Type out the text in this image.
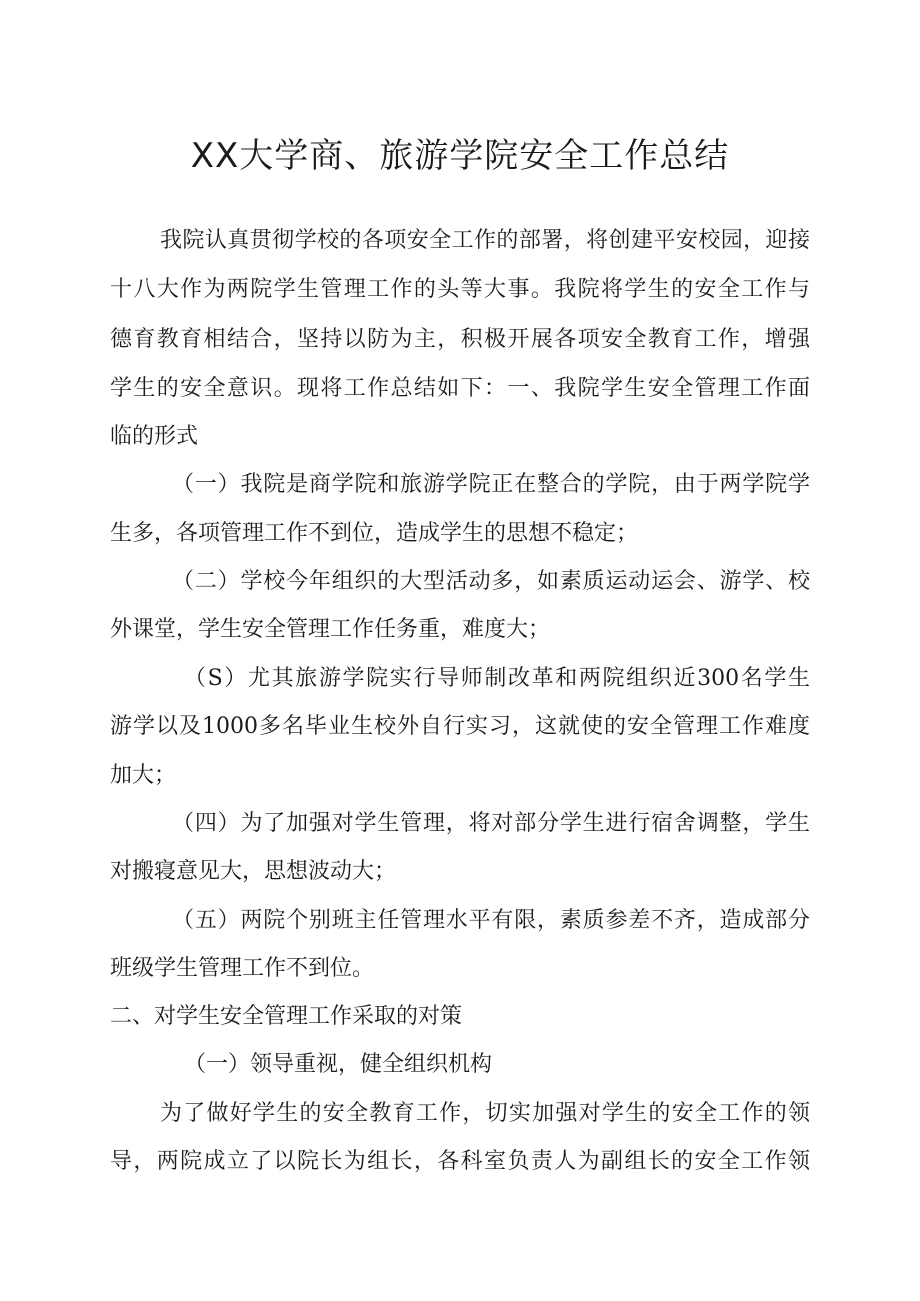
XX大学商、旅游学院安全工作总结

我院认真贯彻学校的各项安全工作的部署，将创建平安校园，迎接

十八大作为两院学生管理工作的头等大事。我院将学生的安全工作与

德育教育相结合，坚持以防为主，积极开展各项安全教育工作，增强

学生的安全意识。现将工作总结如下：一、我院学生安全管理工作面

临的形式

（一）我院是商学院和旅游学院正在整合的学院，由于两学院学

生多，各项管理工作不到位，造成学生的思想不稳定；

（二）学校今年组织的大型活动多，如素质运动运会、游学、校

外课堂，学生安全管理工作任务重，难度大；

（S）尤其旅游学院实行导师制改革和两院组织近300名学生

游学以及1000多名毕业生校外自行实习，这就使的安全管理工作难度

加大；

（四）为了加强对学生管理，将对部分学生进行宿舍调整，学生

对搬寝意见大，思想波动大；

（五）两院个别班主任管理水平有限，素质参差不齐，造成部分

班级学生管理工作不到位。

二、对学生安全管理工作采取的对策

（一）领导重视，健全组织机构

为了做好学生的安全教育工作，切实加强对学生的安全工作的领

导，两院成立了以院长为组长，各科室负责人为副组长的安全工作领
